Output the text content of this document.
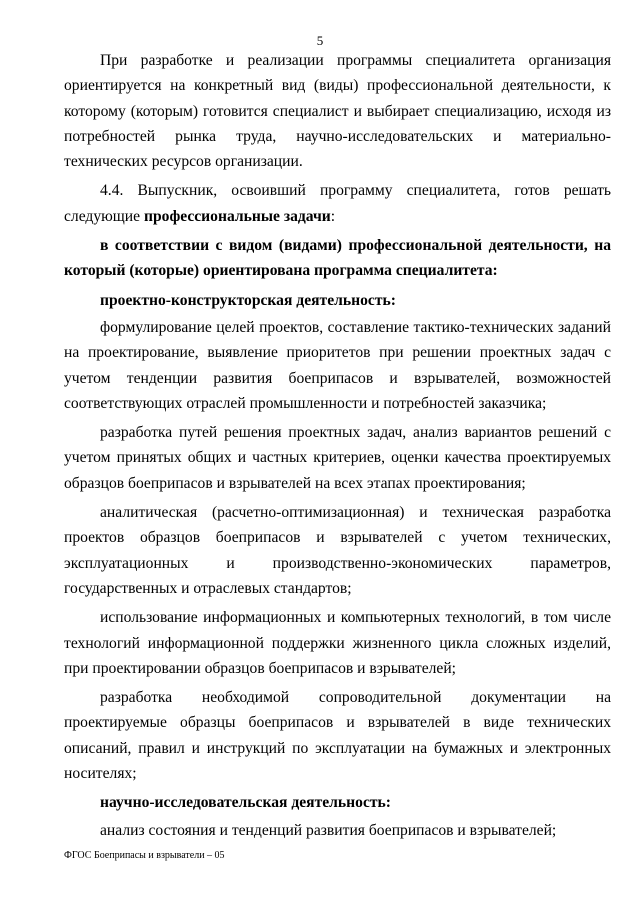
5

При разработке и реализации программы специалитета организация ориентируется на конкретный вид (виды) профессиональной деятельности, к которому (которым) готовится специалист и выбирает специализацию, исходя из потребностей рынка труда, научно-исследовательских и материально-технических ресурсов организации.

4.4. Выпускник, освоивший программу специалитета, готов решать следующие профессиональные задачи:

в соответствии с видом (видами) профессиональной деятельности, на который (которые) ориентирована программа специалитета:

проектно-конструкторская деятельность:

формулирование целей проектов, составление тактико-технических заданий на проектирование, выявление приоритетов при решении проектных задач с учетом тенденции развития боеприпасов и взрывателей, возможностей соответствующих отраслей промышленности и потребностей заказчика;

разработка путей решения проектных задач, анализ вариантов решений с учетом принятых общих и частных критериев, оценки качества проектируемых образцов боеприпасов и взрывателей на всех этапах проектирования;

аналитическая (расчетно-оптимизационная) и техническая разработка проектов образцов боеприпасов и взрывателей с учетом технических, эксплуатационных и производственно-экономических параметров, государственных и отраслевых стандартов;

использование информационных и компьютерных технологий, в том числе технологий информационной поддержки жизненного цикла сложных изделий, при проектировании образцов боеприпасов и взрывателей;

разработка необходимой сопроводительной документации на проектируемые образцы боеприпасов и взрывателей в виде технических описаний, правил и инструкций по эксплуатации на бумажных и электронных носителях;

научно-исследовательская деятельность:

анализ состояния и тенденций развития боеприпасов и взрывателей;

ФГОС Боеприпасы и взрыватели – 05
